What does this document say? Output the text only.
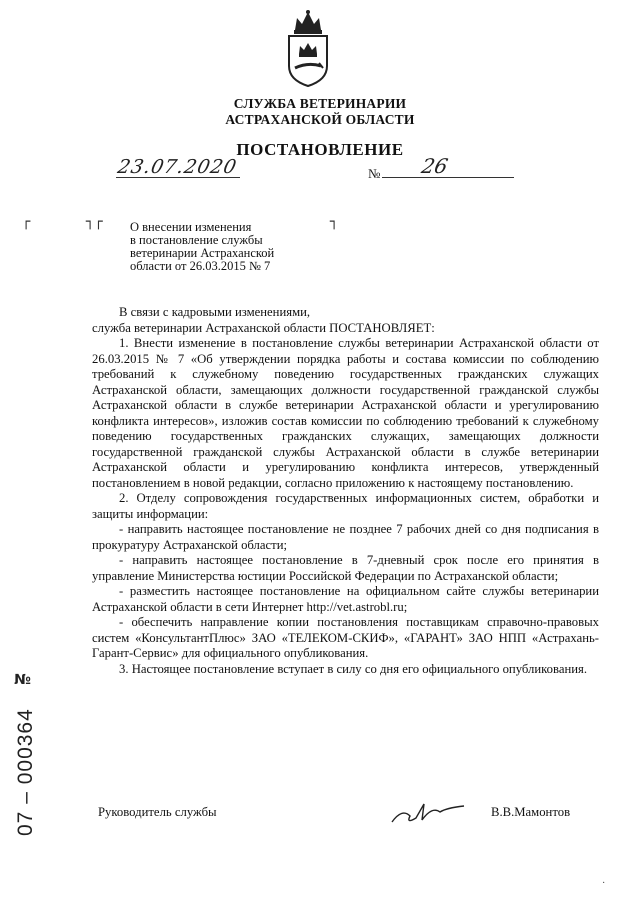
СЛУЖБА ВЕТЕРИНАРИИ
АСТРАХАНСКОЙ ОБЛАСТИ
ПОСТАНОВЛЕНИЕ
23.07.2020	№ 26
┌	┐┌	┐
О внесении изменения
в постановление службы
ветеринарии Астраханской
области от 26.03.2015 № 7

В связи с кадровыми изменениями,

служба ветеринарии Астраханской области ПОСТАНОВЛЯЕТ:

1. Внести изменение в постановление службы ветеринарии Астраханской области от 26.03.2015 № 7 «Об утверждении порядка работы и состава комиссии по соблюдению требований к служебному поведению государственных гражданских служащих Астраханской области, замещающих должности государственной гражданской службы Астраханской области в службе ветеринарии Астраханской области и урегулированию конфликта интересов», изложив состав комиссии по соблюдению требований к служебному поведению государственных гражданских служащих, замещающих должности государственной гражданской службы Астраханской области в службе ветеринарии Астраханской области и урегулированию конфликта интересов, утвержденный постановлением в новой редакции, согласно приложению к настоящему постановлению.

2. Отделу сопровождения государственных информационных систем, обработки и защиты информации:

- направить настоящее постановление не позднее 7 рабочих дней со дня подписания в прокуратуру Астраханской области;

- направить настоящее постановление в 7-дневный срок после его принятия в управление Министерства юстиции Российской Федерации по Астраханской области;

- разместить настоящее постановление на официальном сайте службы ветеринарии Астраханской области в сети Интернет http://vet.astrobl.ru;

- обеспечить направление копии постановления поставщикам справочно-правовых систем «КонсультантПлюс» ЗАО «ТЕЛЕКОМ-СКИФ», «ГАРАНТ» ЗАО НПП «Астрахань-Гарант-Сервис» для официального опубликования.

3. Настоящее постановление вступает в силу со дня его официального опубликования.

Руководитель службы	В.В.Мамонтов
№
07 – 000364
·
